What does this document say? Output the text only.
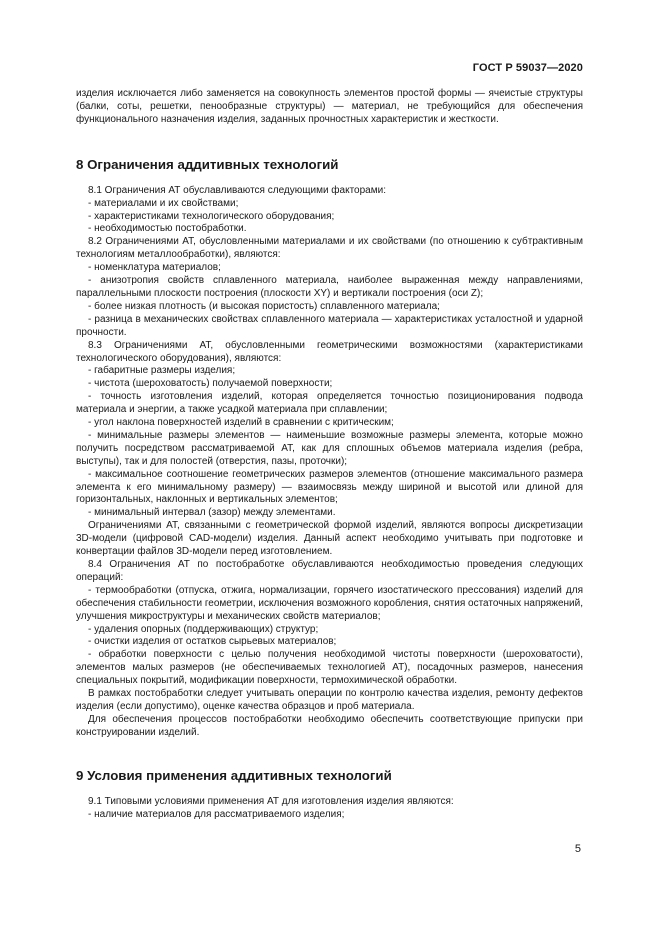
ГОСТ Р 59037—2020

изделия исключается либо заменяется на совокупность элементов простой формы — ячеистые структуры (балки, соты, решетки, пенообразные структуры) — материал, не требующийся для обеспечения функционального назначения изделия, заданных прочностных характеристик и жесткости.

8 Ограничения аддитивных технологий

8.1 Ограничения АТ обуславливаются следующими факторами:

- материалами и их свойствами;

- характеристиками технологического оборудования;

- необходимостью постобработки.

8.2 Ограничениями АТ, обусловленными материалами и их свойствами (по отношению к субтрактивным технологиям металлообработки), являются:

- номенклатура материалов;

- анизотропия свойств сплавленного материала, наиболее выраженная между направлениями, параллельными плоскости построения (плоскости XY) и вертикали построения (оси Z);

- более низкая плотность (и высокая пористость) сплавленного материала;

- разница в механических свойствах сплавленного материала — характеристиках усталостной и ударной прочности.

8.3 Ограничениями АТ, обусловленными геометрическими возможностями (характеристиками технологического оборудования), являются:

- габаритные размеры изделия;

- чистота (шероховатость) получаемой поверхности;

- точность изготовления изделий, которая определяется точностью позиционирования подвода материала и энергии, а также усадкой материала при сплавлении;

- угол наклона поверхностей изделий в сравнении с критическим;

- минимальные размеры элементов — наименьшие возможные размеры элемента, которые можно получить посредством рассматриваемой АТ, как для сплошных объемов материала изделия (ребра, выступы), так и для полостей (отверстия, пазы, проточки);

- максимальное соотношение геометрических размеров элементов (отношение максимального размера элемента к его минимальному размеру) — взаимосвязь между шириной и высотой или длиной для горизонтальных, наклонных и вертикальных элементов;

- минимальный интервал (зазор) между элементами.

Ограничениями АТ, связанными с геометрической формой изделий, являются вопросы дискретизации 3D-модели (цифровой CAD-модели) изделия. Данный аспект необходимо учитывать при подготовке и конвертации файлов 3D-модели перед изготовлением.

8.4 Ограничения АТ по постобработке обуславливаются необходимостью проведения следующих операций:

- термообработки (отпуска, отжига, нормализации, горячего изостатического прессования) изделий для обеспечения стабильности геометрии, исключения возможного коробления, снятия остаточных напряжений, улучшения микроструктуры и механических свойств материалов;

- удаления опорных (поддерживающих) структур;

- очистки изделия от остатков сырьевых материалов;

- обработки поверхности с целью получения необходимой чистоты поверхности (шероховатости), элементов малых размеров (не обеспечиваемых технологией АТ), посадочных размеров, нанесения специальных покрытий, модификации поверхности, термохимической обработки.

В рамках постобработки следует учитывать операции по контролю качества изделия, ремонту дефектов изделия (если допустимо), оценке качества образцов и проб материала.

Для обеспечения процессов постобработки необходимо обеспечить соответствующие припуски при конструировании изделий.

9 Условия применения аддитивных технологий

9.1 Типовыми условиями применения АТ для изготовления изделия являются:

- наличие материалов для рассматриваемого изделия;

5
